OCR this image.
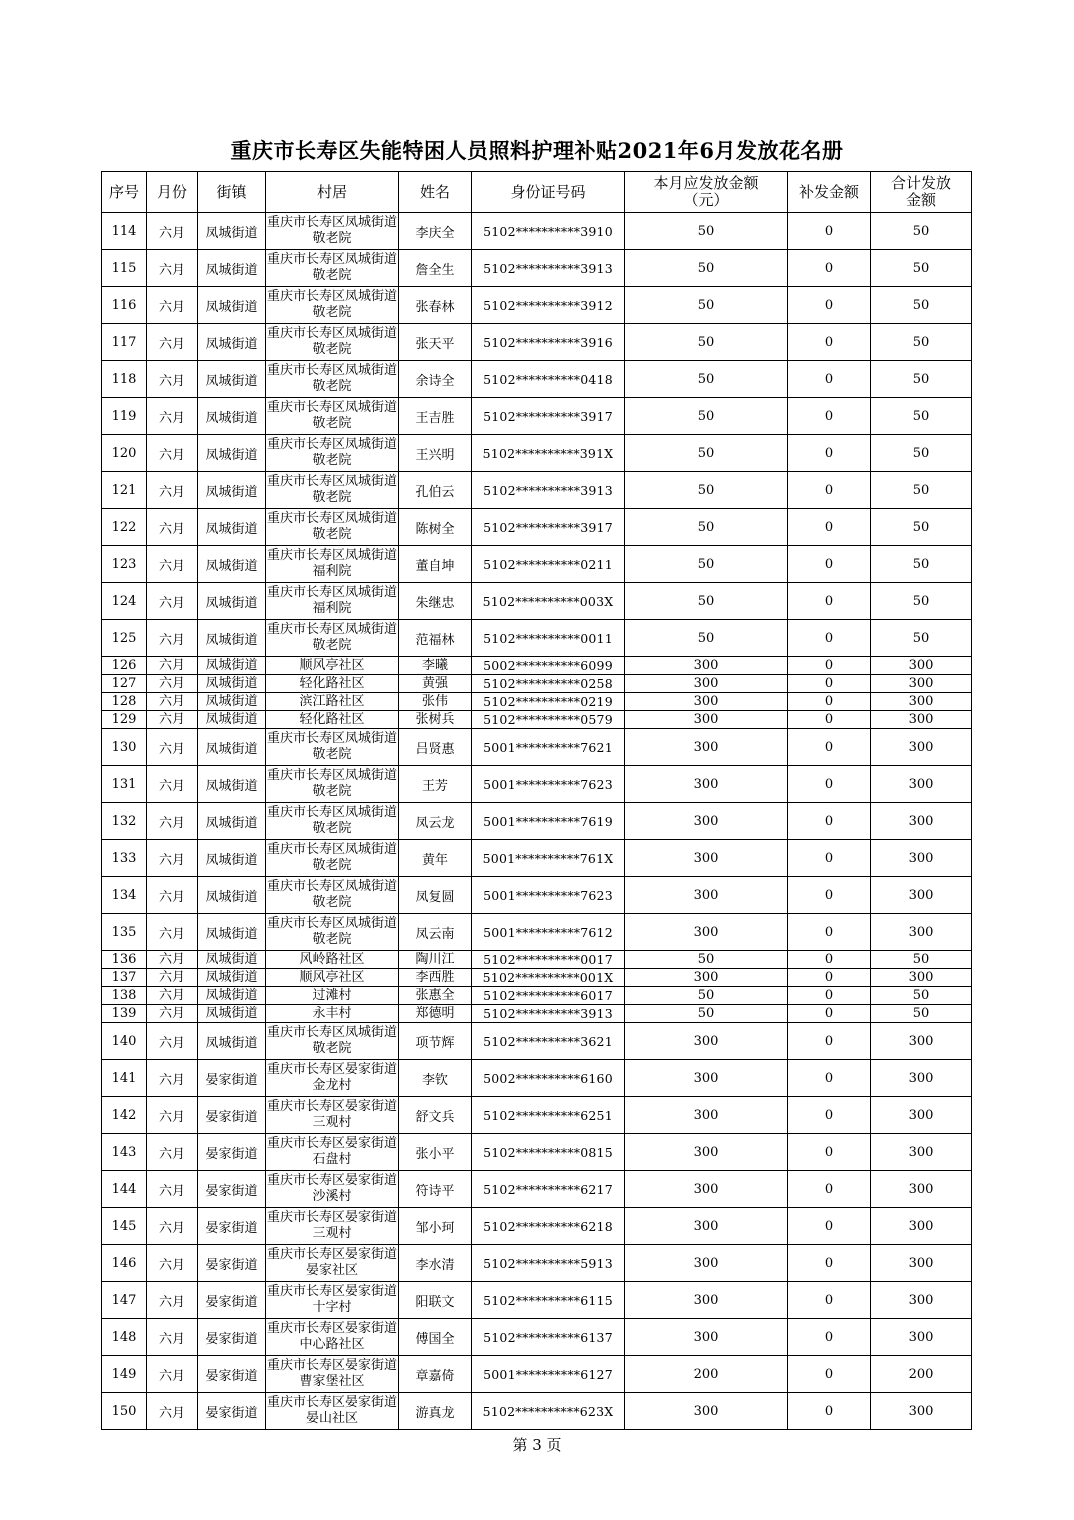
重庆市长寿区失能特困人员照料护理补贴2021年6月发放花名册
序号	月份	街镇	村居	姓名	身份证号码	本月应发放金额（元）	补发金额	合计发放金额
114	六月	凤城街道	重庆市长寿区凤城街道敬老院	李庆全	5102**********3910	50	0	50
115	六月	凤城街道	重庆市长寿区凤城街道敬老院	詹全生	5102**********3913	50	0	50
116	六月	凤城街道	重庆市长寿区凤城街道敬老院	张春林	5102**********3912	50	0	50
117	六月	凤城街道	重庆市长寿区凤城街道敬老院	张天平	5102**********3916	50	0	50
118	六月	凤城街道	重庆市长寿区凤城街道敬老院	余诗全	5102**********0418	50	0	50
119	六月	凤城街道	重庆市长寿区凤城街道敬老院	王吉胜	5102**********3917	50	0	50
120	六月	凤城街道	重庆市长寿区凤城街道敬老院	王兴明	5102**********391X	50	0	50
121	六月	凤城街道	重庆市长寿区凤城街道敬老院	孔伯云	5102**********3913	50	0	50
122	六月	凤城街道	重庆市长寿区凤城街道敬老院	陈树全	5102**********3917	50	0	50
123	六月	凤城街道	重庆市长寿区凤城街道福利院	董自坤	5102**********0211	50	0	50
124	六月	凤城街道	重庆市长寿区凤城街道福利院	朱继忠	5102**********003X	50	0	50
125	六月	凤城街道	重庆市长寿区凤城街道敬老院	范福林	5102**********0011	50	0	50
126	六月	凤城街道	顺风亭社区	李曦	5002**********6099	300	0	300
127	六月	凤城街道	轻化路社区	黄强	5102**********0258	300	0	300
128	六月	凤城街道	滨江路社区	张伟	5102**********0219	300	0	300
129	六月	凤城街道	轻化路社区	张树兵	5102**********0579	300	0	300
130	六月	凤城街道	重庆市长寿区凤城街道敬老院	吕贤惠	5001**********7621	300	0	300
131	六月	凤城街道	重庆市长寿区凤城街道敬老院	王芳	5001**********7623	300	0	300
132	六月	凤城街道	重庆市长寿区凤城街道敬老院	凤云龙	5001**********7619	300	0	300
133	六月	凤城街道	重庆市长寿区凤城街道敬老院	黄年	5001**********761X	300	0	300
134	六月	凤城街道	重庆市长寿区凤城街道敬老院	凤复圆	5001**********7623	300	0	300
135	六月	凤城街道	重庆市长寿区凤城街道敬老院	凤云南	5001**********7612	300	0	300
136	六月	凤城街道	风岭路社区	陶川江	5102**********0017	50	0	50
137	六月	凤城街道	顺风亭社区	李西胜	5102**********001X	300	0	300
138	六月	凤城街道	过滩村	张惠全	5102**********6017	50	0	50
139	六月	凤城街道	永丰村	郑德明	5102**********3913	50	0	50
140	六月	凤城街道	重庆市长寿区凤城街道敬老院	项节辉	5102**********3621	300	0	300
141	六月	晏家街道	重庆市长寿区晏家街道金龙村	李钦	5002**********6160	300	0	300
142	六月	晏家街道	重庆市长寿区晏家街道三观村	舒文兵	5102**********6251	300	0	300
143	六月	晏家街道	重庆市长寿区晏家街道石盘村	张小平	5102**********0815	300	0	300
144	六月	晏家街道	重庆市长寿区晏家街道沙溪村	符诗平	5102**********6217	300	0	300
145	六月	晏家街道	重庆市长寿区晏家街道三观村	邹小珂	5102**********6218	300	0	300
146	六月	晏家街道	重庆市长寿区晏家街道晏家社区	李水清	5102**********5913	300	0	300
147	六月	晏家街道	重庆市长寿区晏家街道十字村	阳联文	5102**********6115	300	0	300
148	六月	晏家街道	重庆市长寿区晏家街道中心路社区	傅国全	5102**********6137	300	0	300
149	六月	晏家街道	重庆市长寿区晏家街道曹家堡社区	章嘉倚	5001**********6127	200	0	200
150	六月	晏家街道	重庆市长寿区晏家街道晏山社区	游真龙	5102**********623X	300	0	300
第 3 页
